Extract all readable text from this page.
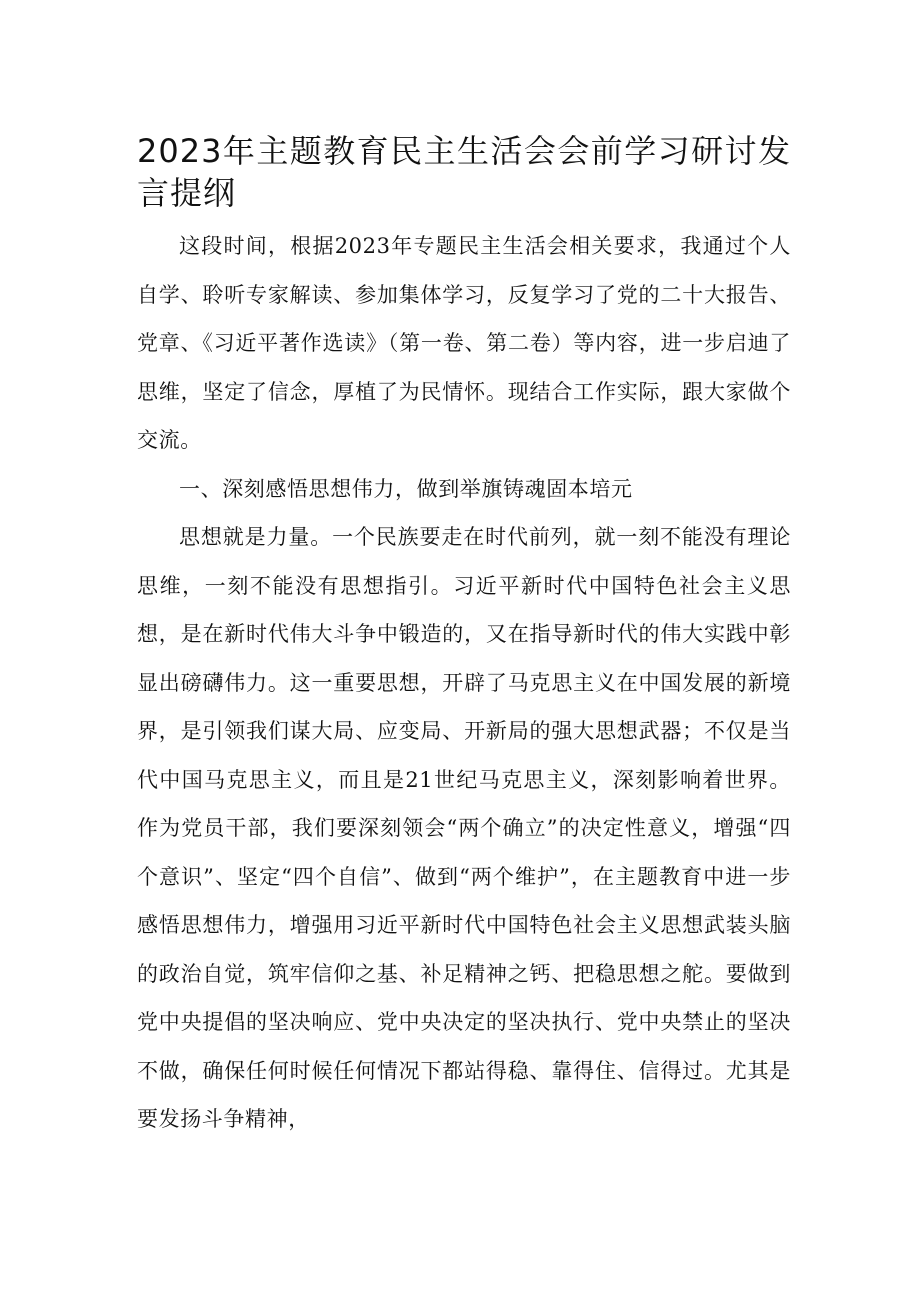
2023年主题教育民主生活会会前学习研讨发言提纲

这段时间，根据2023年专题民主生活会相关要求，我通过个人自学、聆听专家解读、参加集体学习，反复学习了党的二十大报告、党章、《习近平著作选读》（第一卷、第二卷）等内容，进一步启迪了思维，坚定了信念，厚植了为民情怀。现结合工作实际，跟大家做个交流。

一、深刻感悟思想伟力，做到举旗铸魂固本培元

思想就是力量。一个民族要走在时代前列，就一刻不能没有理论思维，一刻不能没有思想指引。习近平新时代中国特色社会主义思想，是在新时代伟大斗争中锻造的，又在指导新时代的伟大实践中彰显出磅礴伟力。这一重要思想，开辟了马克思主义在中国发展的新境界，是引领我们谋大局、应变局、开新局的强大思想武器；不仅是当代中国马克思主义，而且是21世纪马克思主义，深刻影响着世界。作为党员干部，我们要深刻领会“两个确立”的决定性意义，增强“四个意识”、坚定“四个自信”、做到“两个维护”，在主题教育中进一步感悟思想伟力，增强用习近平新时代中国特色社会主义思想武装头脑的政治自觉，筑牢信仰之基、补足精神之钙、把稳思想之舵。要做到党中央提倡的坚决响应、党中央决定的坚决执行、党中央禁止的坚决不做，确保任何时候任何情况下都站得稳、靠得住、信得过。尤其是要发扬斗争精神，
